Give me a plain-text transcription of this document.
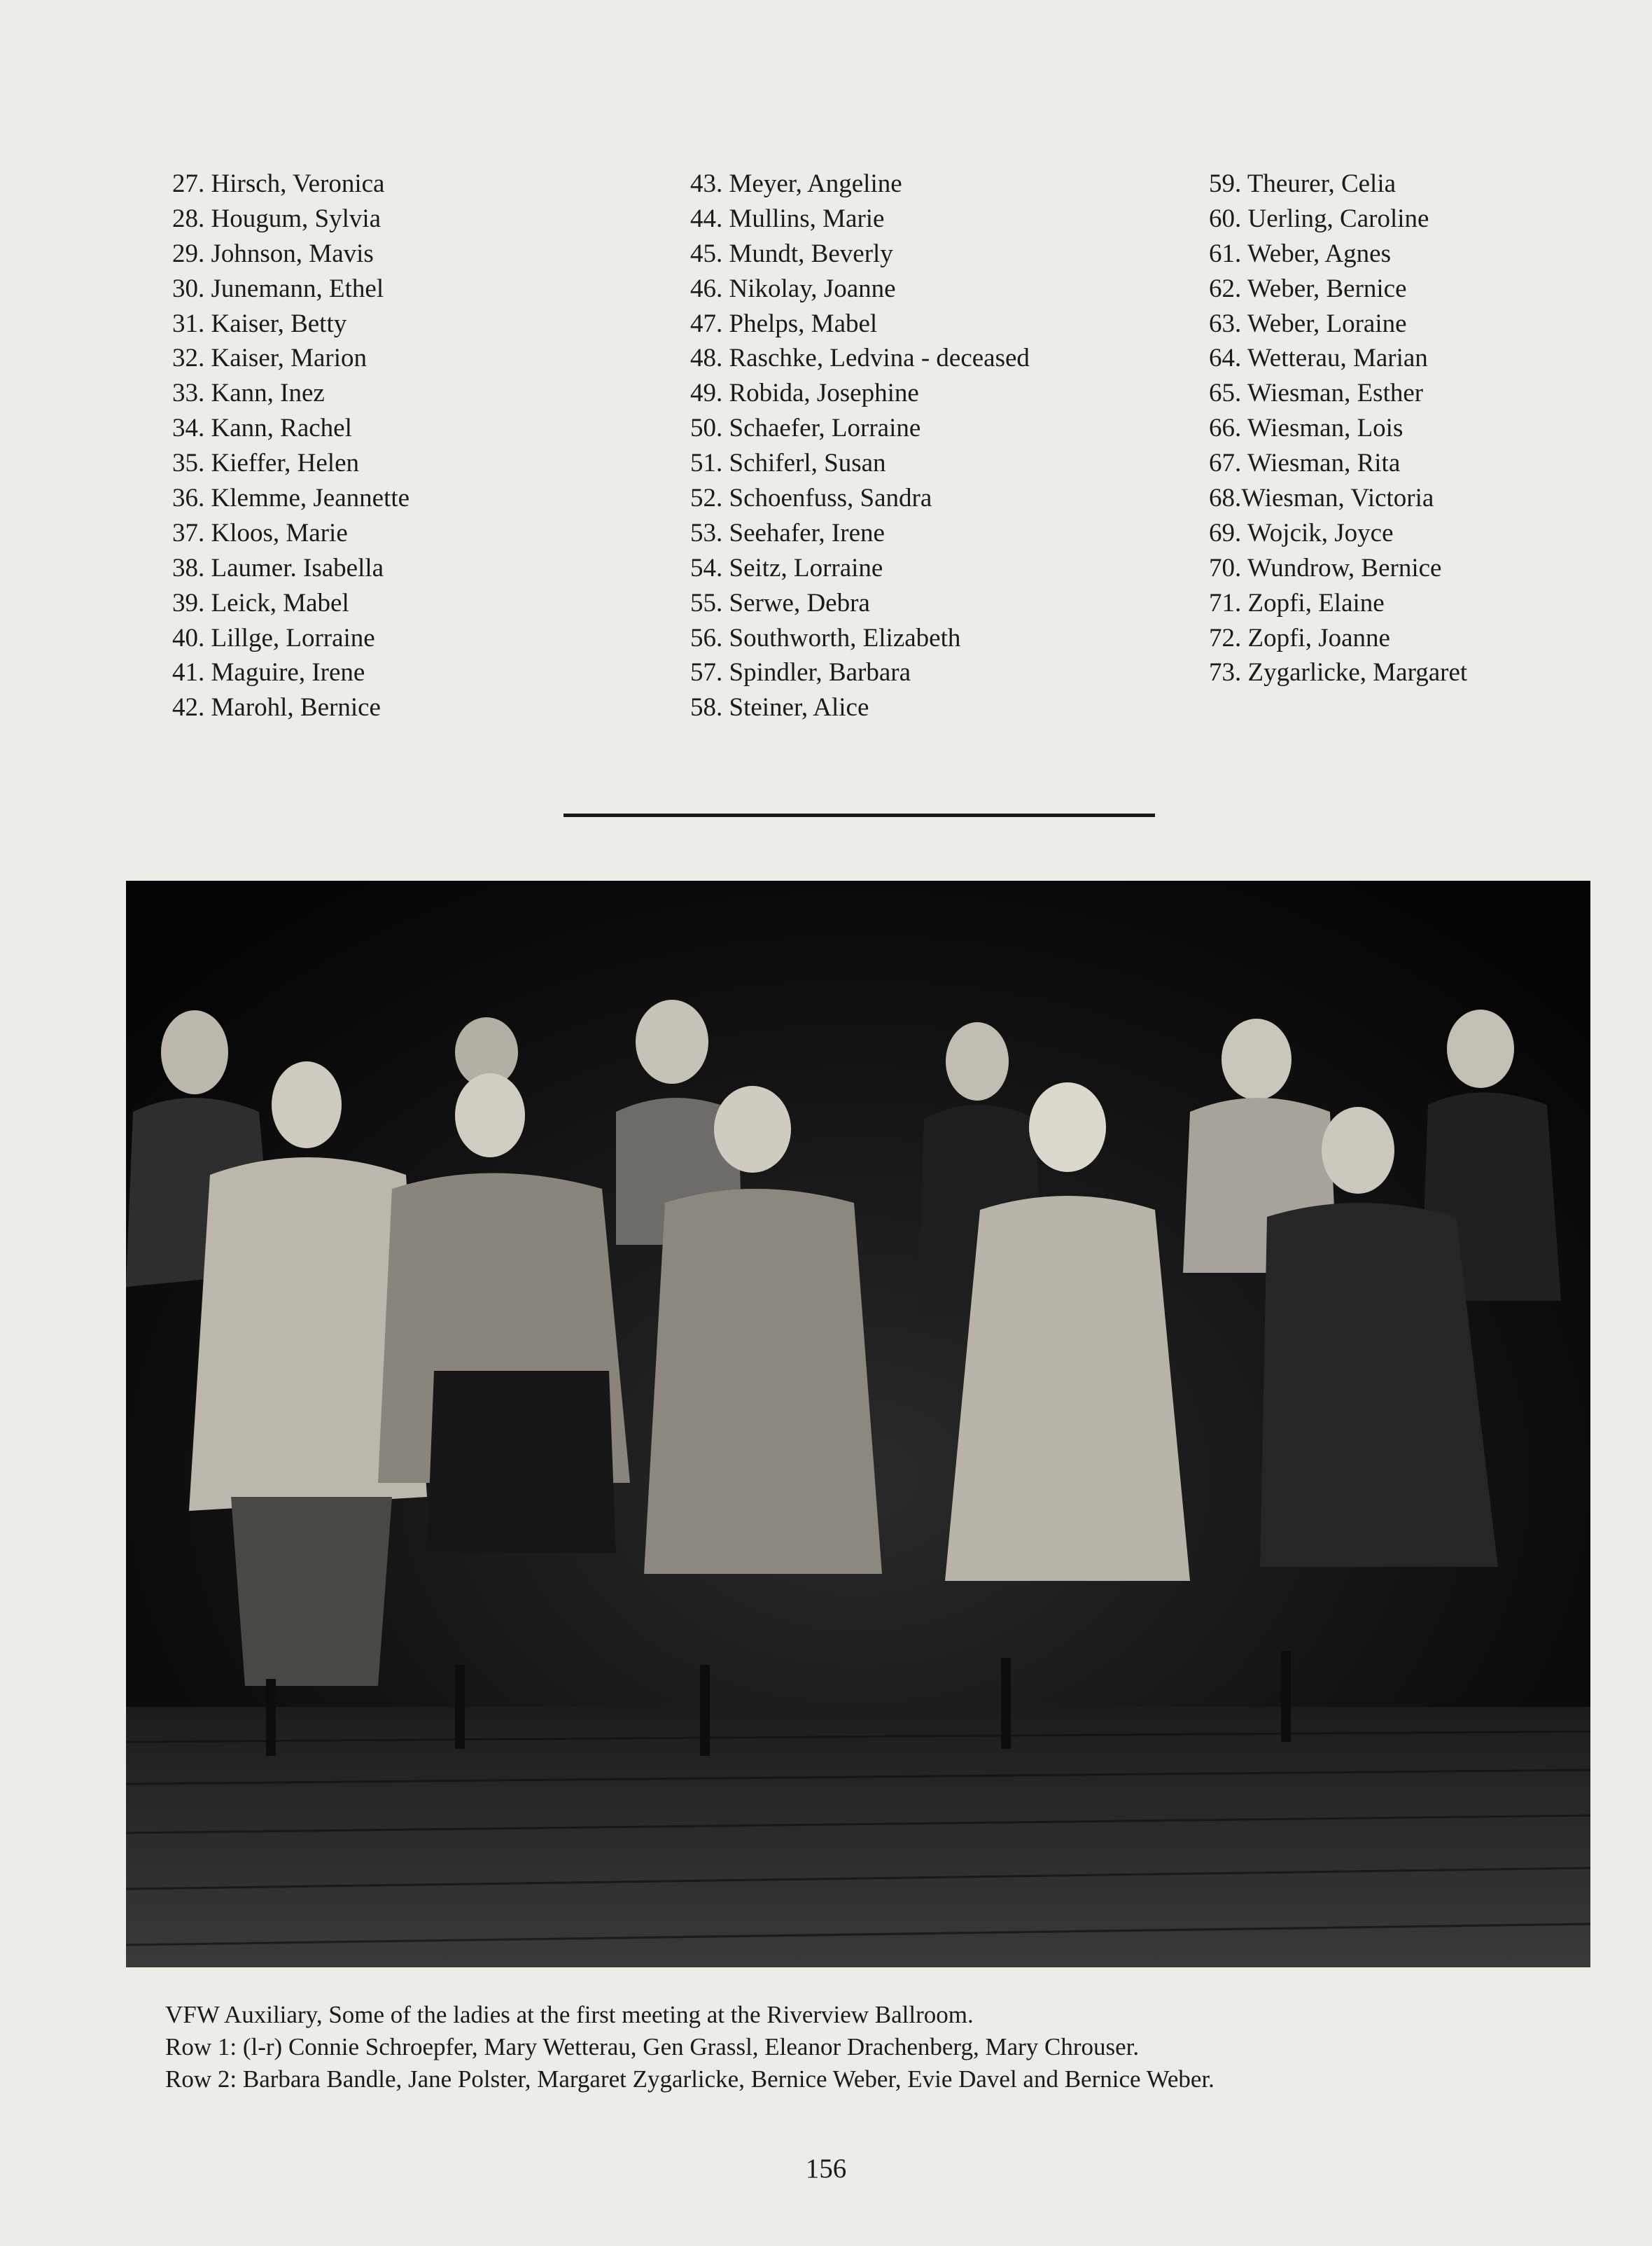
27. Hirsch, Veronica
28. Hougum, Sylvia
29. Johnson, Mavis
30. Junemann, Ethel
31. Kaiser, Betty
32. Kaiser, Marion
33. Kann, Inez
34. Kann, Rachel
35. Kieffer, Helen
36. Klemme, Jeannette
37. Kloos, Marie
38. Laumer. Isabella
39. Leick, Mabel
40. Lillge, Lorraine
41. Maguire, Irene
42. Marohl, Bernice
43. Meyer, Angeline
44. Mullins, Marie
45. Mundt, Beverly
46. Nikolay, Joanne
47. Phelps, Mabel
48. Raschke, Ledvina - deceased
49. Robida, Josephine
50. Schaefer, Lorraine
51. Schiferl, Susan
52. Schoenfuss, Sandra
53. Seehafer, Irene
54. Seitz, Lorraine
55. Serwe, Debra
56. Southworth, Elizabeth
57. Spindler, Barbara
58. Steiner, Alice
59. Theurer, Celia
60. Uerling, Caroline
61. Weber, Agnes
62. Weber, Bernice
63. Weber, Loraine
64. Wetterau, Marian
65. Wiesman, Esther
66. Wiesman, Lois
67. Wiesman, Rita
68.Wiesman, Victoria
69. Wojcik, Joyce
70. Wundrow, Bernice
71. Zopfi, Elaine
72. Zopfi, Joanne
73. Zygarlicke, Margaret
VFW Auxiliary, Some of the ladies at the first meeting at the Riverview Ballroom.
Row 1: (l-r) Connie Schroepfer, Mary Wetterau, Gen Grassl, Eleanor Drachenberg, Mary Chrouser.
Row 2: Barbara Bandle, Jane Polster, Margaret Zygarlicke, Bernice Weber, Evie Davel and Bernice Weber.
156
